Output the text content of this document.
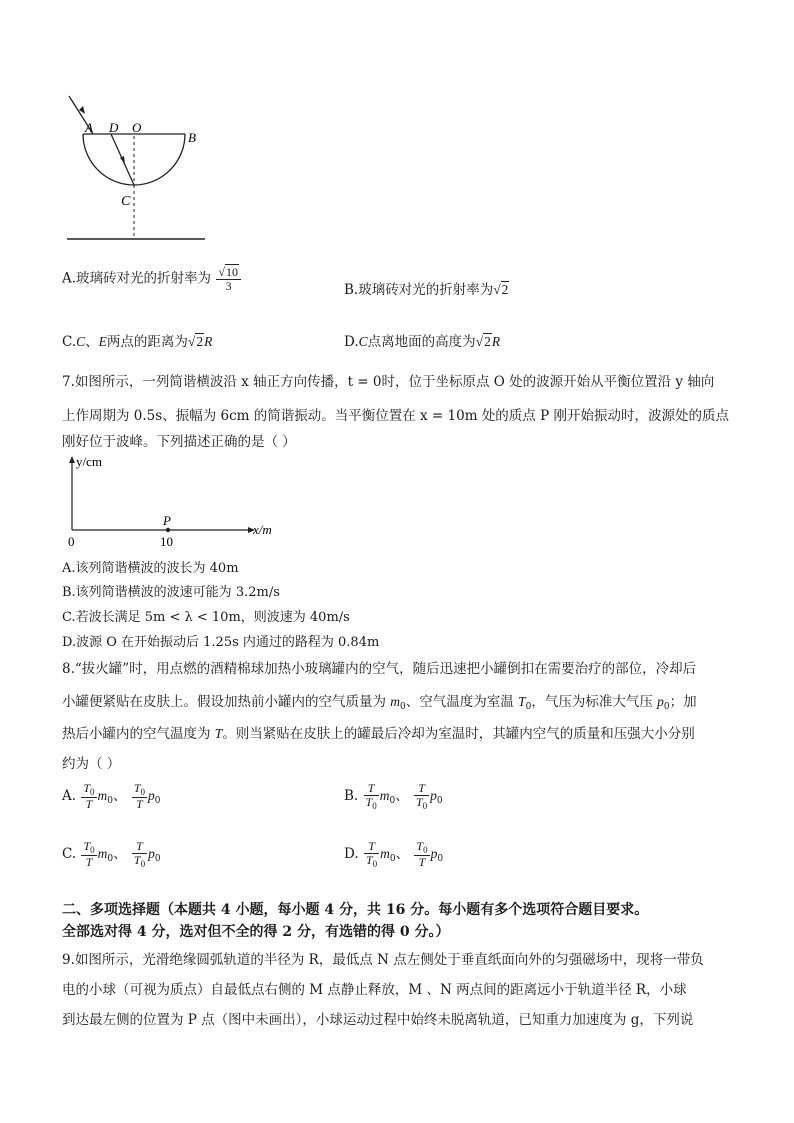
A D O
B
C
A.玻璃砖对光的折射率为 $\frac{√10}{3}$	B.玻璃砖对光的折射率为√2
C.C、E两点的距离为√2R	D.C点离地面的高度为√2R
7.如图所示，一列简谐横波沿 x 轴正方向传播，t = 0时，位于坐标原点 O 处的波源开始从平衡位置沿 y 轴向
上作周期为 0.5s、振幅为 6cm 的简谐振动。当平衡位置在 x = 10m 处的质点 P 刚开始振动时，波源处的质点
刚好位于波峰。下列描述正确的是（ ）
y/cm
x/m
0	10
P
A.该列简谐横波的波长为 40m
B.该列简谐横波的波速可能为 3.2m/s
C.若波长满足 5m < λ < 10m，则波速为 40m/s
D.波源 O 在开始振动后 1.25s 内通过的路程为 0.84m
8.“拔火罐”时，用点燃的酒精棉球加热小玻璃罐内的空气，随后迅速把小罐倒扣在需要治疗的部位，冷却后
小罐便紧贴在皮肤上。假设加热前小罐内的空气质量为 $m_0$、空气温度为室温 $T_0$，气压为标准大气压 $p_0$；加
热后小罐内的空气温度为 T。则当紧贴在皮肤上的罐最后冷却为室温时，其罐内空气的质量和压强大小分别
约为（ ）
A. $\frac{T_0}{T} m_0$、 $\frac{T_0}{T} p_0$	B. $\frac{T}{T_0} m_0$、 $\frac{T}{T_0} p_0$
C. $\frac{T_0}{T} m_0$、 $\frac{T}{T_0} p_0$	D. $\frac{T}{T_0} m_0$、 $\frac{T_0}{T} p_0$
二、多项选择题（本题共 4 小题，每小题 4 分，共 16 分。每小题有多个选项符合题目要求。
全部选对得 4 分，选对但不全的得 2 分，有选错的得 0 分。）
9.如图所示，光滑绝缘圆弧轨道的半径为 R，最低点 N 点左侧处于垂直纸面向外的匀强磁场中，现将一带负
电的小球（可视为质点）自最低点右侧的 M 点静止释放，M 、N 两点间的距离远小于轨道半径 R，小球
到达最左侧的位置为 P 点（图中未画出），小球运动过程中始终未脱离轨道，已知重力加速度为 g，下列说
